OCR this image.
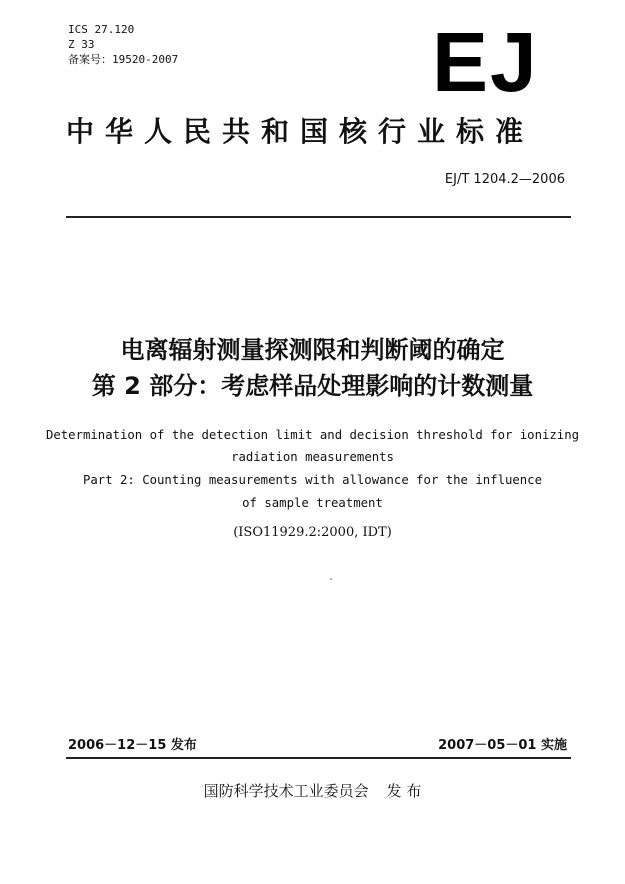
ICS 27.120
Z 33
备案号：19520-2007	EJ
中华人民共和国核行业标准
EJ/T 1204.2—2006
电离辐射测量探测限和判断阈的确定
第 2 部分：考虑样品处理影响的计数测量
Determination of the detection limit and decision threshold for ionizing
radiation measurements
Part 2: Counting measurements with allowance for the influence
of sample treatment
(ISO11929.2:2000, IDT)
2006－12－15 发布	2007－05－01 实施
国防科学技术工业委员会 发 布
